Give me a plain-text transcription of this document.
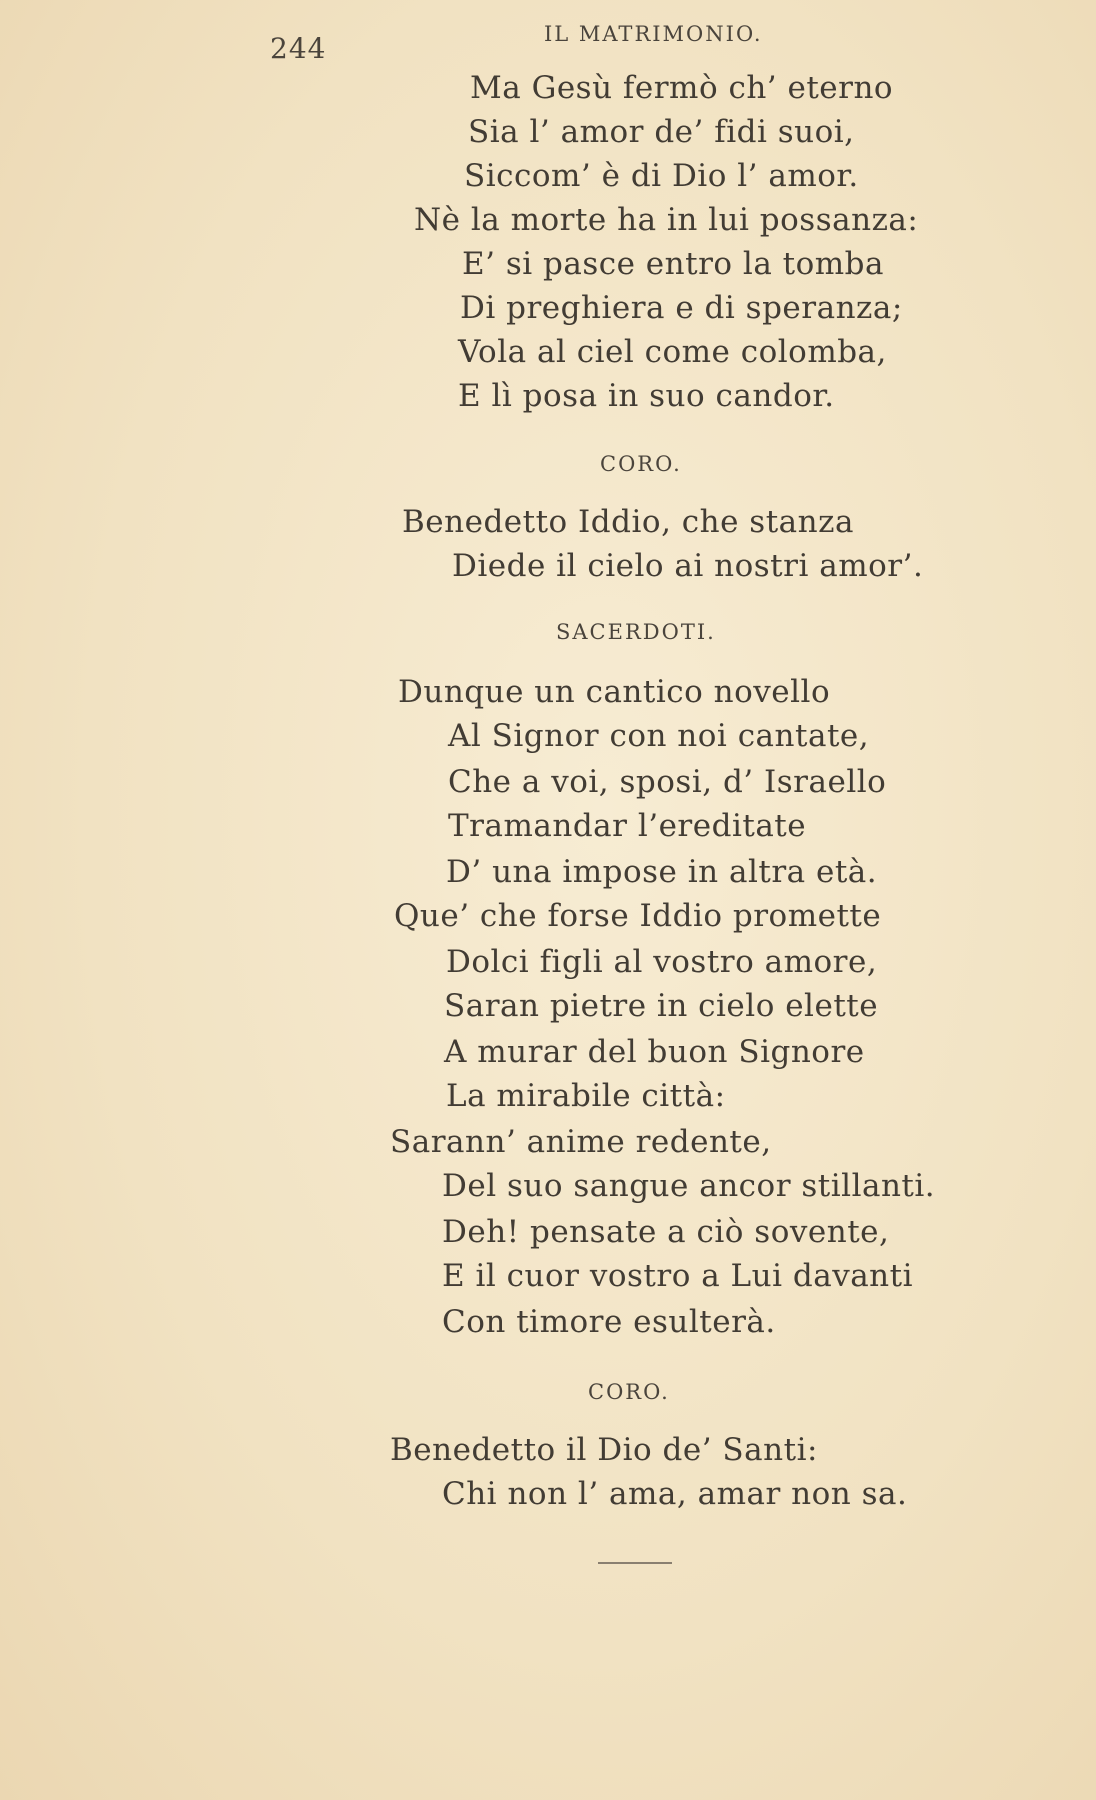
244	IL MATRIMONIO.
Ma Gesù fermò ch’ eterno
Sia l’ amor de’ fidi suoi,
Siccom’ è di Dio l’ amor.
Nè la morte ha in lui possanza:
E’ si pasce entro la tomba
Di preghiera e di speranza;
Vola al ciel come colomba,
E lì posa in suo candor.
CORO.
Benedetto Iddio, che stanza
Diede il cielo ai nostri amor’.
SACERDOTI.
Dunque un cantico novello
Al Signor con noi cantate,
Che a voi, sposi, d’ Israello
Tramandar l’ereditate
D’ una impose in altra età.
Que’ che forse Iddio promette
Dolci figli al vostro amore,
Saran pietre in cielo elette
A murar del buon Signore
La mirabile città:
Sarann’ anime redente,
Del suo sangue ancor stillanti.
Deh! pensate a ciò sovente,
E il cuor vostro a Lui davanti
Con timore esulterà.
CORO.
Benedetto il Dio de’ Santi:
Chi non l’ ama, amar non sa.
